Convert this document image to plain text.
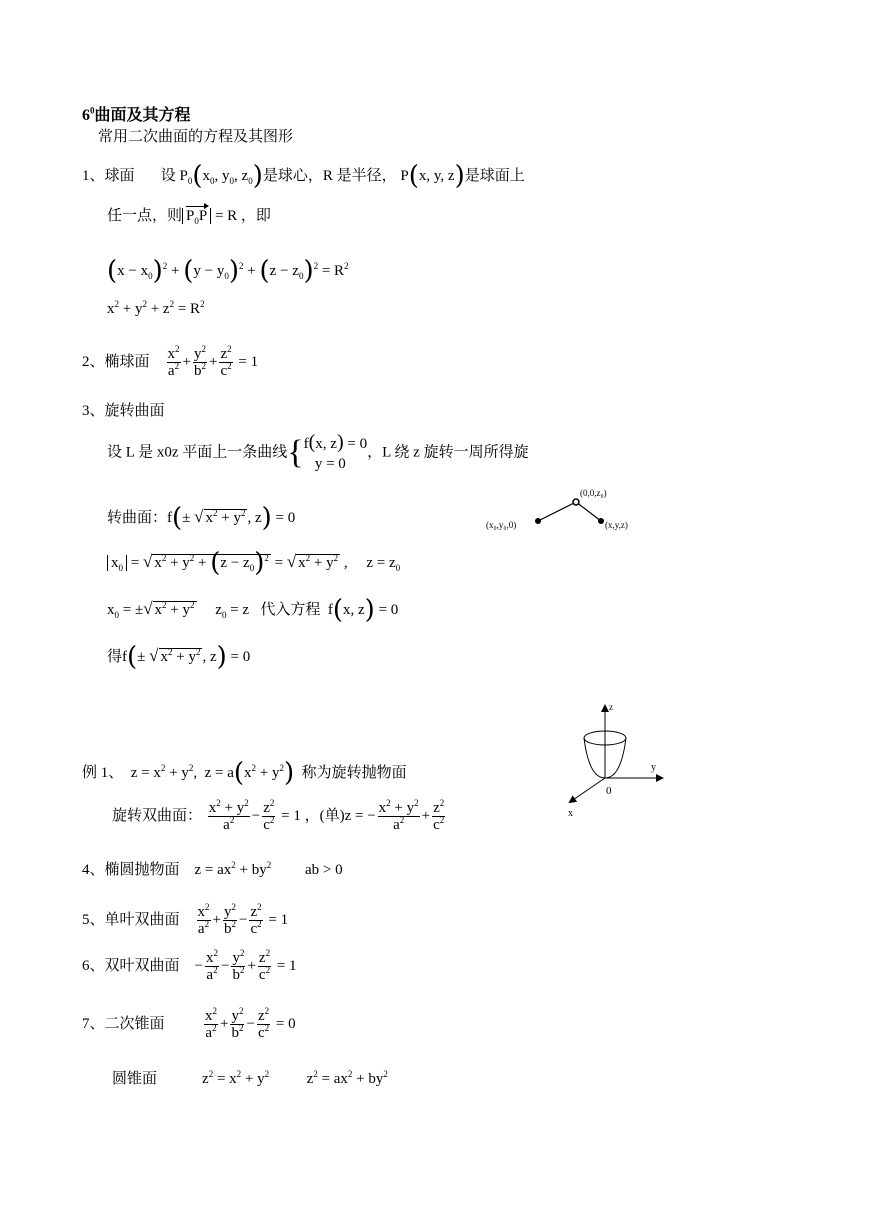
$6^0$曲面及其方程
常用二次曲面的方程及其图形
1、球面 设 $P_0(x_0$, $y_0$, $z_0$)是球心，R 是半径， P(x, y, z)是球面上
任一点，则 $P_0P = R$ ，即
$(x - x_0)^2 + (y - y_0)^2 + (z - z_0)^2 = R^2$
$x^2 + y^2 + z^2 = R^2$
2、椭球面 $\frac{x^2}{a^2} + \frac{y^2}{b^2} + \frac{z^2}{c^2} = 1$
3、旋转曲面
设 L 是 x0z 平面上一条曲线{f(x, z) = 0
y = 0，L 绕 z 旋转一周所得旋
转曲面：f(± √ $x^2 + y^2$ , z) = 0
$x_0$ = √ $x^2 + y^2 + (z - z_0)^2$ = √ $x^2 + y^2$ ,     $z = z_0$
$x_0$ = ±√ $x^2 + y^2$     $z_0 = z$   代入方程  f(x, z) = 0
得f(± √ $x^2 + y^2$ , z) = 0
(0,0,z₀)
(x₀,y₀,0)	(x,y,z)
z
y
x
0
例 1、  $z = x^2 + y^2$,  $z = a(x^2 + y^2)$ 称为旋转抛物面
旋转双曲面： $\frac{x^2 + y^2}{a^2} - \frac{z^2}{c^2} = 1$ ，(单)z = − $\frac{x^2 + y^2}{a^2} + \frac{z^2}{c^2}$
4、椭圆抛物面    $z = ax^2 + by^2$ ab > 0
5、单叶双曲面 $\frac{x^2}{a^2} + \frac{y^2}{b^2} - \frac{z^2}{c^2} = 1$
6、双叶双曲面    − $\frac{x^2}{a^2} - \frac{y^2}{b^2} + \frac{z^2}{c^2} = 1$
7、二次锥面	$\frac{x^2}{a^2} + \frac{y^2}{b^2} - \frac{z^2}{c^2} = 0$
圆锥面            $z^2 = x^2 + y^2$          $z^2 = ax^2 + by^2$
